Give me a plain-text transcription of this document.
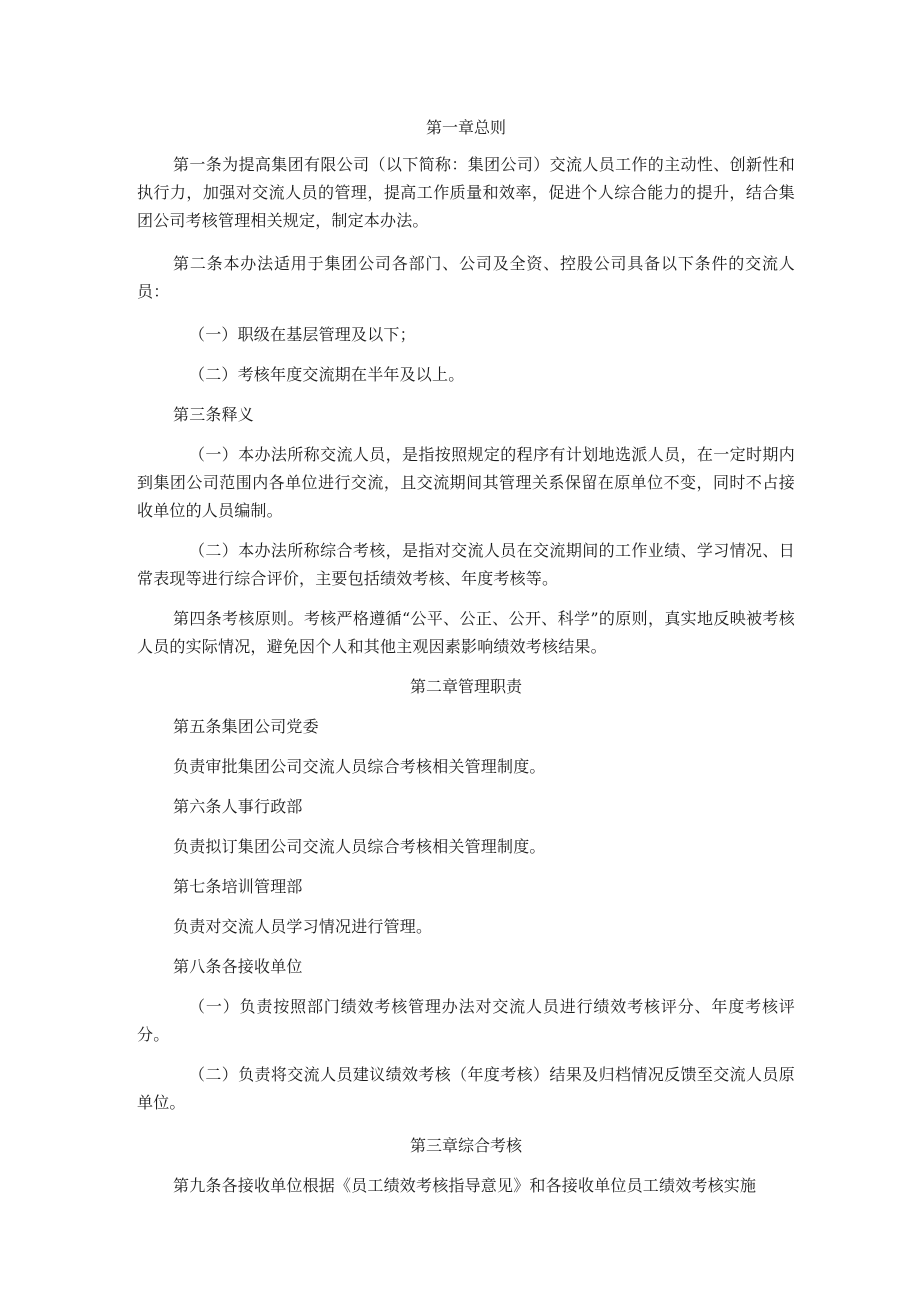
第一章总则

第一条为提高集团有限公司（以下简称：集团公司）交流人员工作的主动性、创新性和执行力，加强对交流人员的管理，提高工作质量和效率，促进个人综合能力的提升，结合集团公司考核管理相关规定，制定本办法。

第二条本办法适用于集团公司各部门、公司及全资、控股公司具备以下条件的交流人员：

（一）职级在基层管理及以下；

（二）考核年度交流期在半年及以上。

第三条释义

（一）本办法所称交流人员，是指按照规定的程序有计划地选派人员，在一定时期内到集团公司范围内各单位进行交流，且交流期间其管理关系保留在原单位不变，同时不占接收单位的人员编制。

（二）本办法所称综合考核，是指对交流人员在交流期间的工作业绩、学习情况、日常表现等进行综合评价，主要包括绩效考核、年度考核等。

第四条考核原则。考核严格遵循“公平、公正、公开、科学”的原则，真实地反映被考核人员的实际情况，避免因个人和其他主观因素影响绩效考核结果。

第二章管理职责

第五条集团公司党委

负责审批集团公司交流人员综合考核相关管理制度。

第六条人事行政部

负责拟订集团公司交流人员综合考核相关管理制度。

第七条培训管理部

负责对交流人员学习情况进行管理。

第八条各接收单位

（一）负责按照部门绩效考核管理办法对交流人员进行绩效考核评分、年度考核评分。

（二）负责将交流人员建议绩效考核（年度考核）结果及归档情况反馈至交流人员原单位。

第三章综合考核

第九条各接收单位根据《员工绩效考核指导意见》和各接收单位员工绩效考核实施
